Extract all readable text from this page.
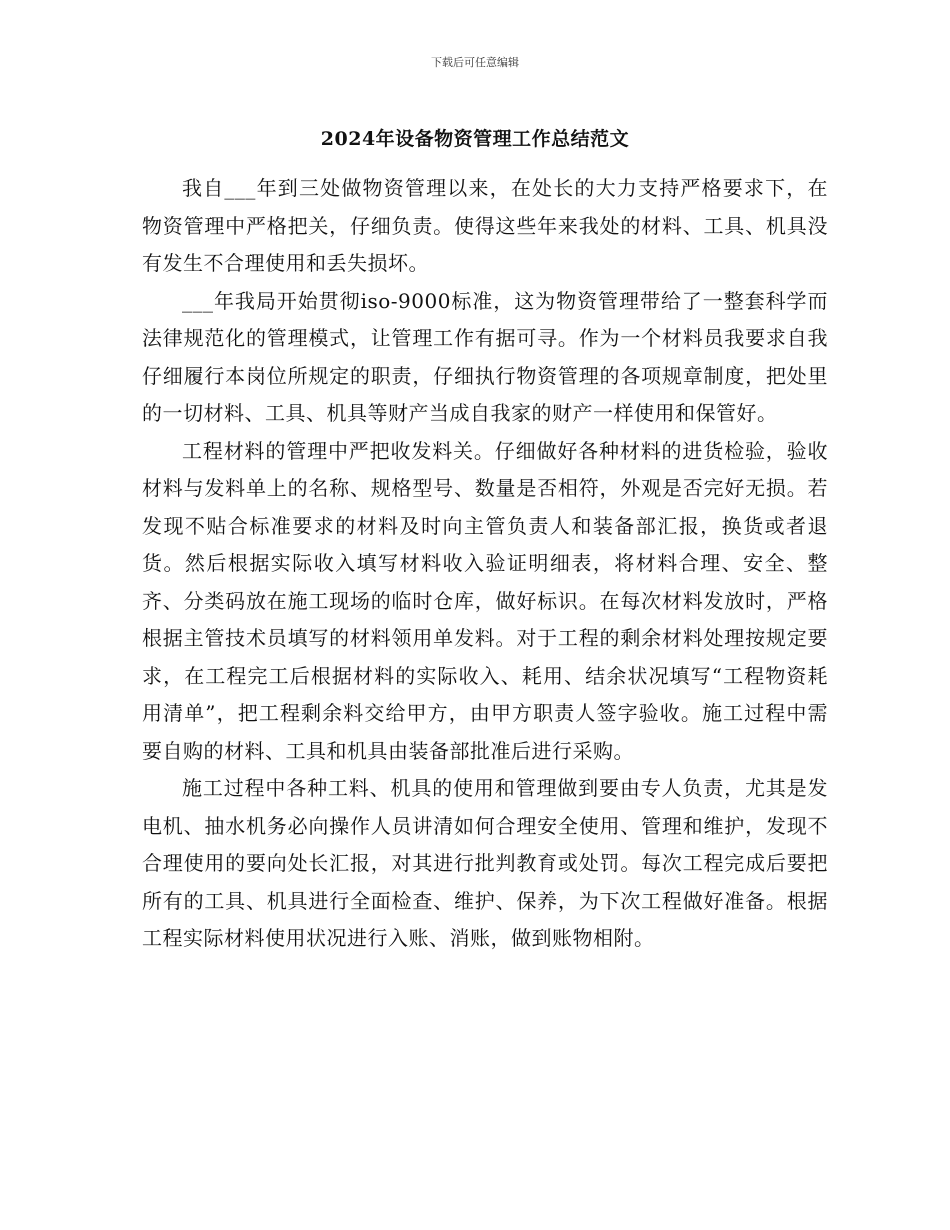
下载后可任意编辑
2024年设备物资管理工作总结范文

我自___年到三处做物资管理以来，在处长的大力支持严格要求下，在物资管理中严格把关，仔细负责。使得这些年来我处的材料、工具、机具没有发生不合理使用和丢失损坏。

___年我局开始贯彻iso-9000标准，这为物资管理带给了一整套科学而法律规范化的管理模式，让管理工作有据可寻。作为一个材料员我要求自我仔细履行本岗位所规定的职责，仔细执行物资管理的各项规章制度，把处里的一切材料、工具、机具等财产当成自我家的财产一样使用和保管好。

工程材料的管理中严把收发料关。仔细做好各种材料的进货检验，验收材料与发料单上的名称、规格型号、数量是否相符，外观是否完好无损。若发现不贴合标准要求的材料及时向主管负责人和装备部汇报，换货或者退货。然后根据实际收入填写材料收入验证明细表，将材料合理、安全、整齐、分类码放在施工现场的临时仓库，做好标识。在每次材料发放时，严格根据主管技术员填写的材料领用单发料。对于工程的剩余材料处理按规定要求，在工程完工后根据材料的实际收入、耗用、结余状况填写“工程物资耗用清单”，把工程剩余料交给甲方，由甲方职责人签字验收。施工过程中需要自购的材料、工具和机具由装备部批准后进行采购。

施工过程中各种工料、机具的使用和管理做到要由专人负责，尤其是发电机、抽水机务必向操作人员讲清如何合理安全使用、管理和维护，发现不合理使用的要向处长汇报，对其进行批判教育或处罚。每次工程完成后要把所有的工具、机具进行全面检查、维护、保养，为下次工程做好准备。根据工程实际材料使用状况进行入账、消账，做到账物相附。
